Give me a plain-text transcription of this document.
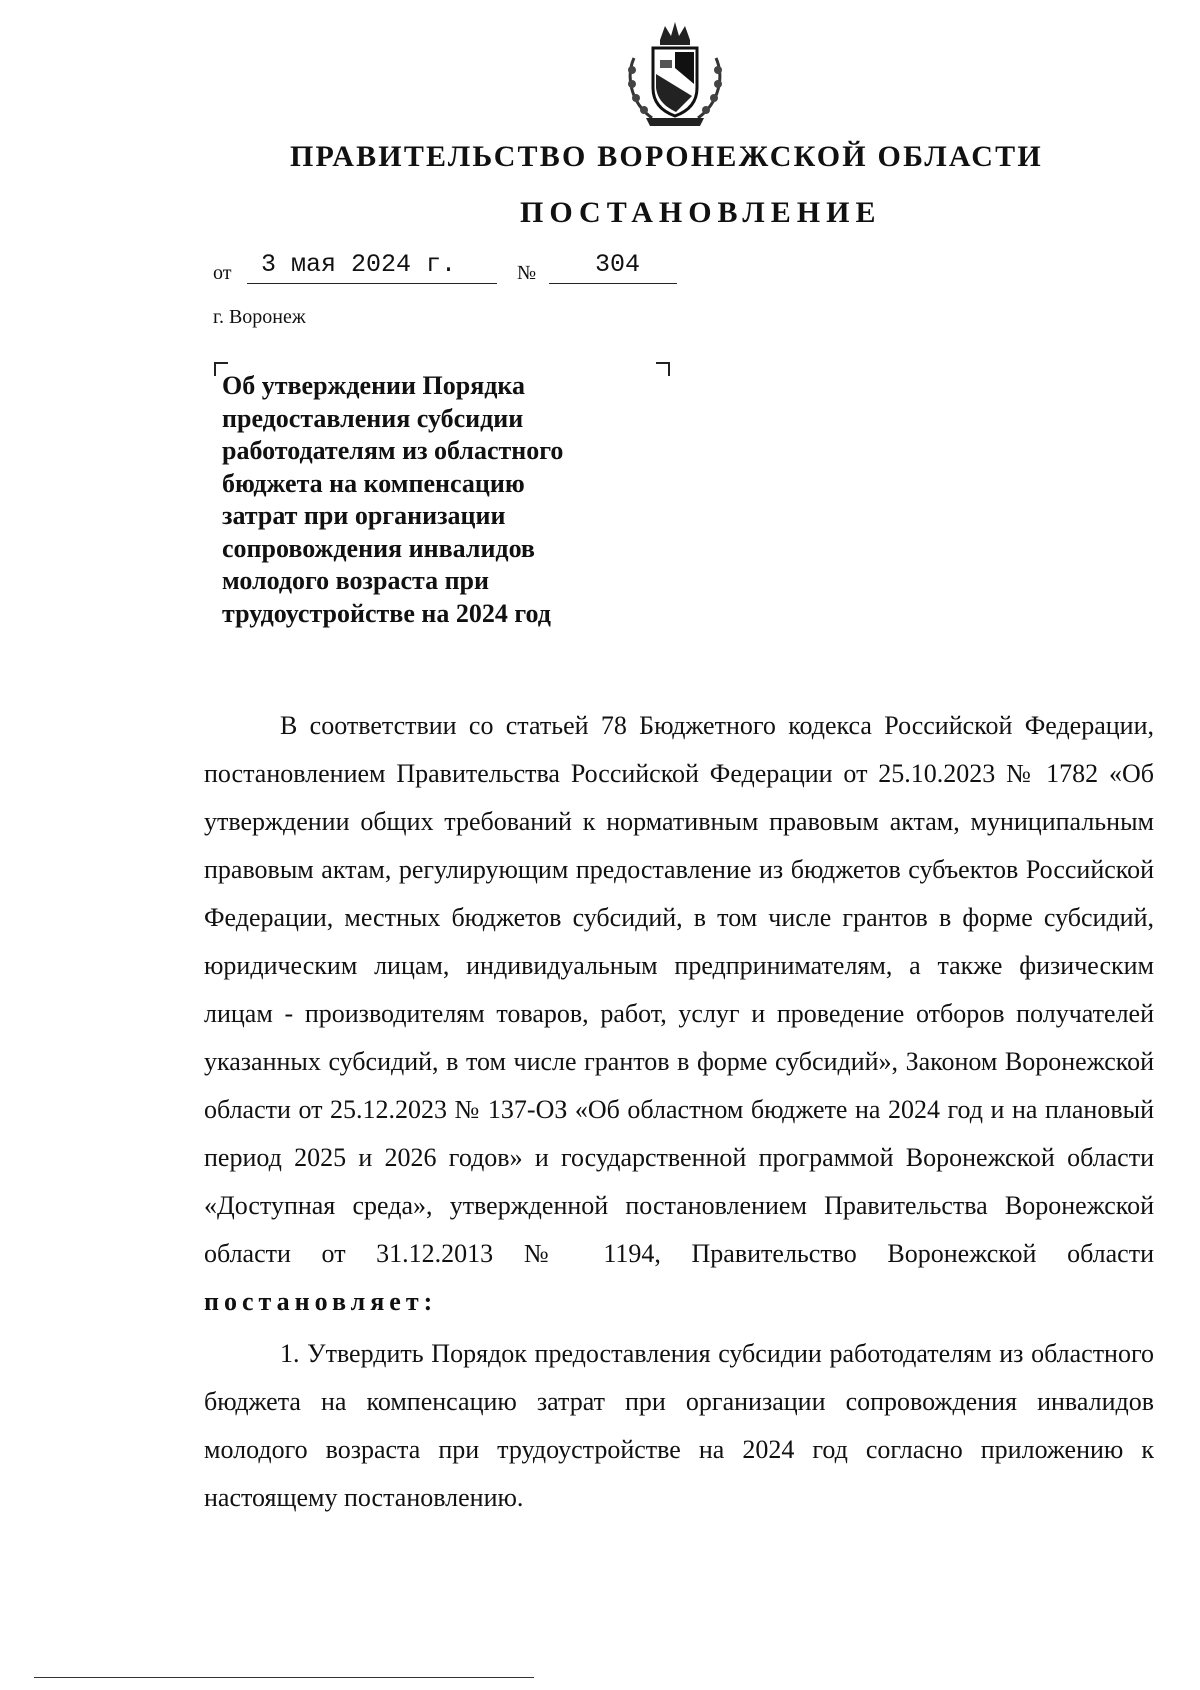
ПРАВИТЕЛЬСТВО ВОРОНЕЖСКОЙ ОБЛАСТИ
ПОСТАНОВЛЕНИЕ
от 3 мая 2024 г.	№ 304
г. Воронеж
Об утверждении Порядка
предоставления субсидии
работодателям из областного
бюджета на компенсацию
затрат при организации
сопровождения инвалидов
молодого возраста при
трудоустройстве на 2024 год

В соответствии со статьей 78 Бюджетного кодекса Российской Федерации, постановлением Правительства Российской Федерации от 25.10.2023 № 1782 «Об утверждении общих требований к нормативным правовым актам, муниципальным правовым актам, регулирующим предоставление из бюджетов субъектов Российской Федерации, местных бюджетов субсидий, в том числе грантов в форме субсидий, юридическим лицам, индивидуальным предпринимателям, а также физическим лицам - производителям товаров, работ, услуг и проведение отборов получателей указанных субсидий, в том числе грантов в форме субсидий», Законом Воронежской области от 25.12.2023 № 137-ОЗ «Об областном бюджете на 2024 год и на плановый период 2025 и 2026 годов» и государственной программой Воронежской области «Доступная среда», утвержденной постановлением Правительства Воронежской области от 31.12.2013 № 1194, Правительство Воронежской области постановляет:

1. Утвердить Порядок предоставления субсидии работодателям из областного бюджета на компенсацию затрат при организации сопровождения инвалидов молодого возраста при трудоустройстве на 2024 год согласно приложению к настоящему постановлению.
